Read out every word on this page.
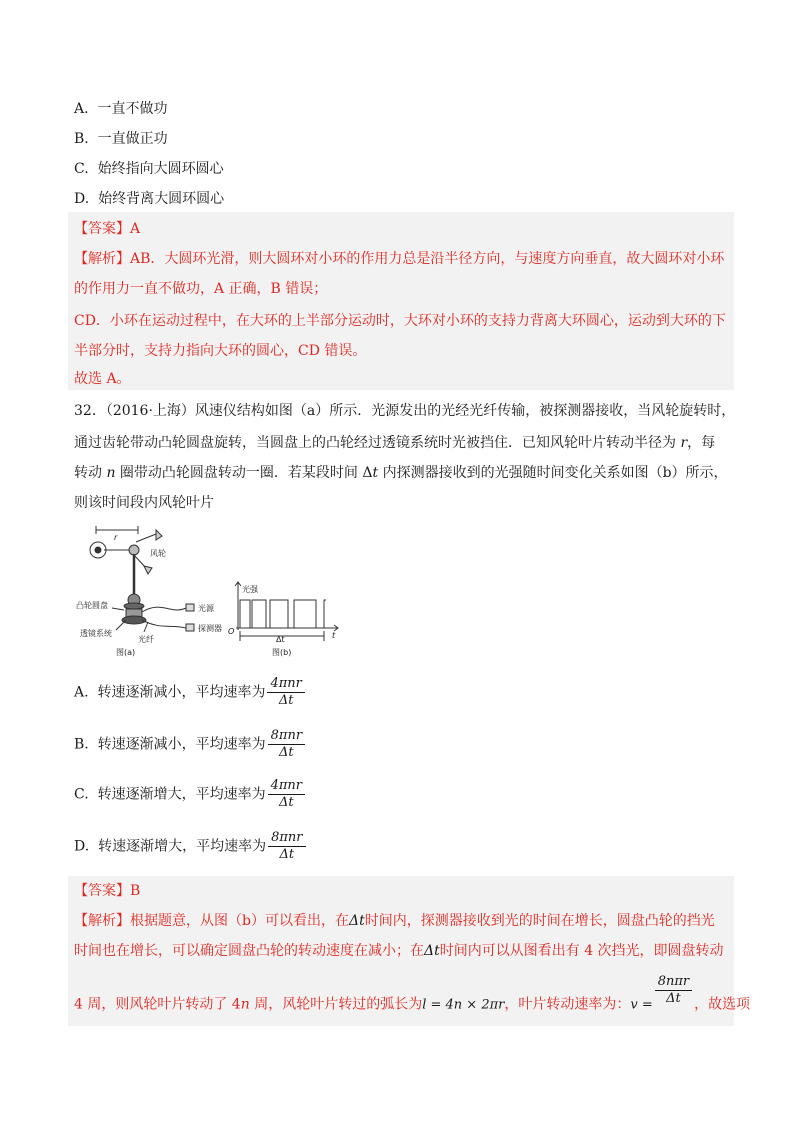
A. 一直不做功
B. 一直做正功
C. 始终指向大圆环圆心
D. 始终背离大圆环圆心
【答案】A
【解析】AB．大圆环光滑，则大圆环对小环的作用力总是沿半径方向，与速度方向垂直，故大圆环对小环
的作用力一直不做功，A 正确，B 错误；
CD．小环在运动过程中，在大环的上半部分运动时，大环对小环的支持力背离大环圆心，运动到大环的下
半部分时，支持力指向大环的圆心，CD 错误。
故选 A。
32．（2016·上海）风速仪结构如图（a）所示．光源发出的光经光纤传输，被探测器接收，当风轮旋转时，
通过齿轮带动凸轮圆盘旋转，当圆盘上的凸轮经过透镜系统时光被挡住．已知风轮叶片转动半径为 r，每
转动 n 圈带动凸轮圆盘转动一圈．若某段时间 Δt 内探测器接收到的光强随时间变化关系如图（b）所示，
则该时间段内风轮叶片
r
风轮
凸轮圆盘	光源
探测器
透镜系统
光纤
图(a)
光强
O
Δt	t
图(b)
A. 转速逐渐减小，平均速率为 $\frac{\text{4πnr}}{\Delta t}$
B. 转速逐渐减小，平均速率为 $\frac{\text{8πnr}}{\Delta t}$
C. 转速逐渐增大，平均速率为 $\frac{\text{4πnr}}{\Delta t}$
D. 转速逐渐增大，平均速率为 $\frac{\text{8πnr}}{\Delta t}$
【答案】B
【解析】根据题意，从图（b）可以看出，在Δt时间内，探测器接收到光的时间在增长，圆盘凸轮的挡光
时间也在增长，可以确定圆盘凸轮的转动速度在减小；在Δt时间内可以从图看出有 4 次挡光，即圆盘转动
4 周，则风轮叶片转动了 4n 周，风轮叶片转过的弧长为l = 4n × 2πr，叶片转动速率为：$v = \frac{\text{8nπr}}{\Delta t}$ ，故选项
